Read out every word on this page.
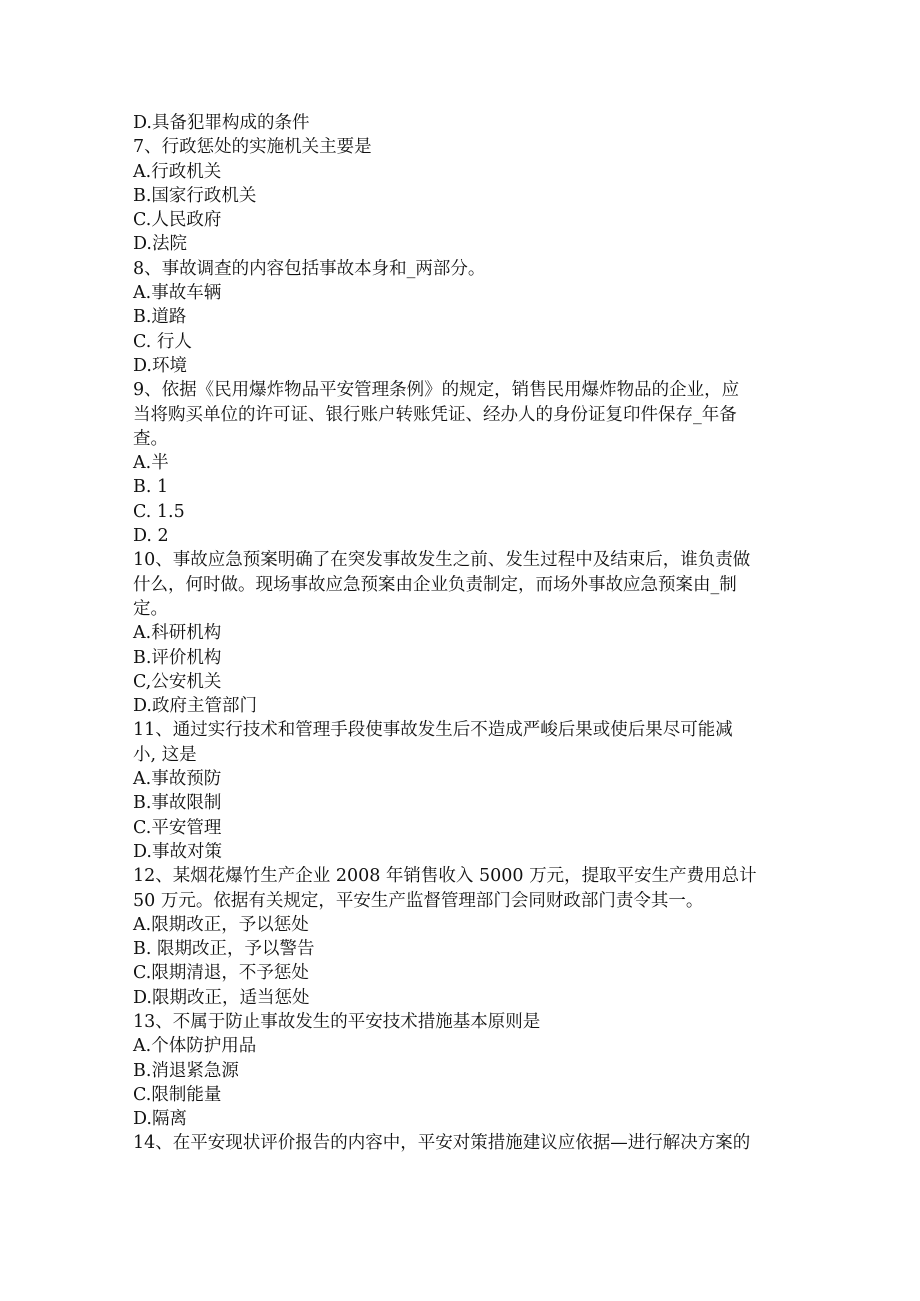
D.具备犯罪构成的条件

7、行政惩处的实施机关主要是

A.行政机关

B.国家行政机关

C.人民政府

D.法院

8、事故调查的内容包括事故本身和_两部分。

A.事故车辆

B.道路

C. 行人

D.环境

9、依据《民用爆炸物品平安管理条例》的规定，销售民用爆炸物品的企业，应

当将购买单位的许可证、银行账户转账凭证、经办人的身份证复印件保存_年备

查。

A.半

B. 1

C. 1.5

D. 2

10、事故应急预案明确了在突发事故发生之前、发生过程中及结束后，谁负责做

什么，何时做。现场事故应急预案由企业负责制定，而场外事故应急预案由_制

定。

A.科研机构

B.评价机构

C,公安机关

D.政府主管部门

11、通过实行技术和管理手段使事故发生后不造成严峻后果或使后果尽可能减

小, 这是

A.事故预防

B.事故限制

C.平安管理

D.事故对策

12、某烟花爆竹生产企业 2008 年销售收入 5000 万元，提取平安生产费用总计

50 万元。依据有关规定，平安生产监督管理部门会同财政部门责令其一。

A.限期改正，予以惩处

B. 限期改正，予以警告

C.限期清退，不予惩处

D.限期改正，适当惩处

13、不属于防止事故发生的平安技术措施基本原则是

A.个体防护用品

B.消退紧急源

C.限制能量

D.隔离

14、在平安现状评价报告的内容中，平安对策措施建议应依据—进行解决方案的
